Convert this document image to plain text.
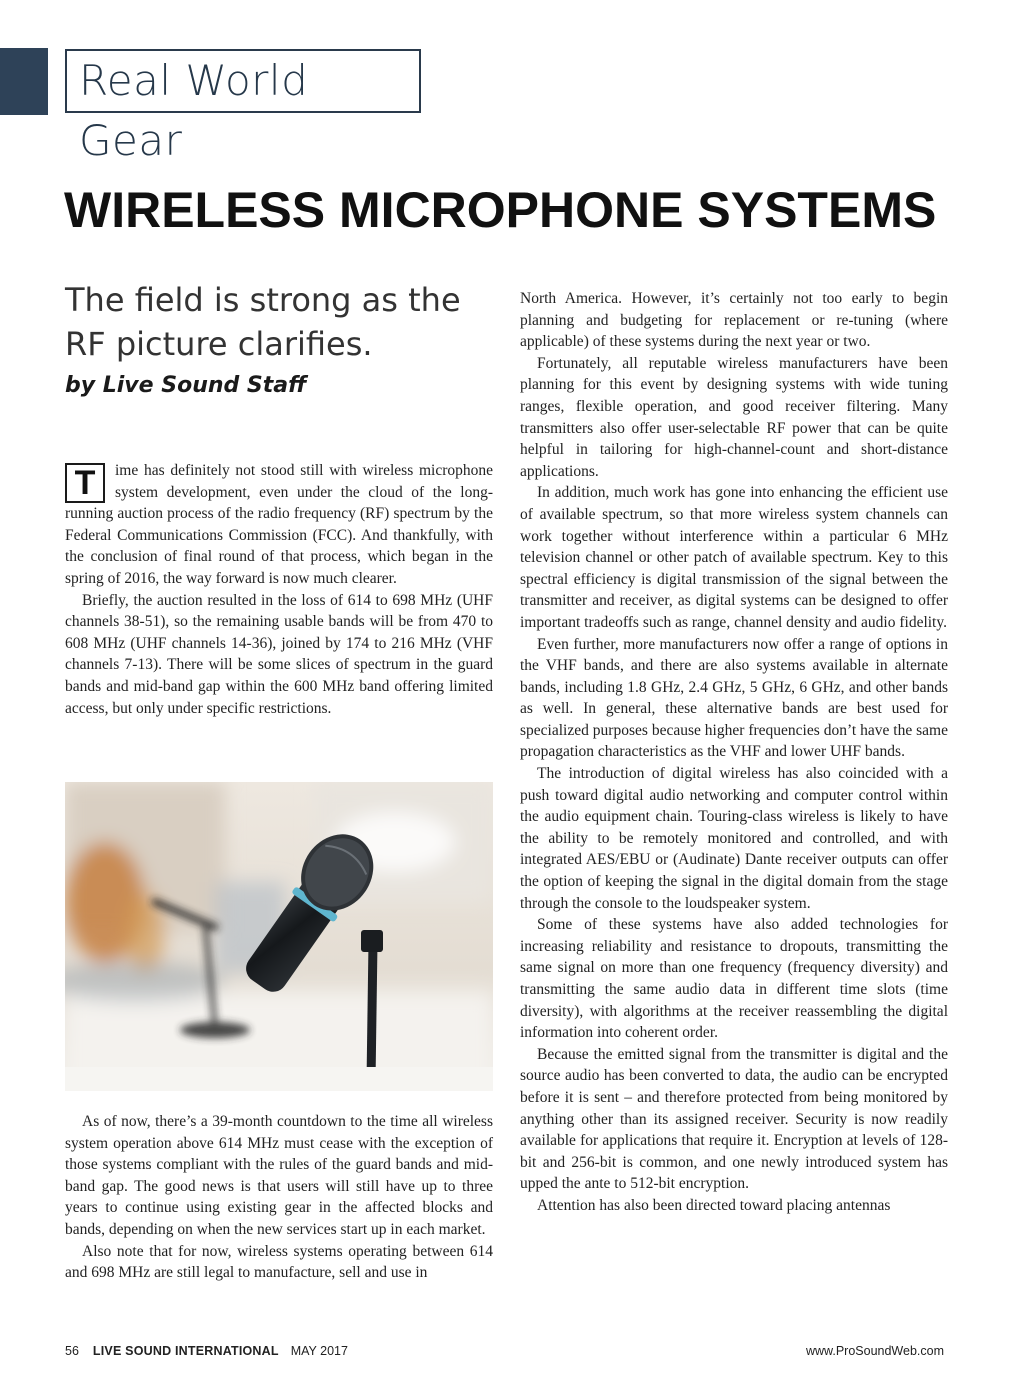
Real World Gear
WIRELESS MICROPHONE SYSTEMS
The field is strong as the RF picture clarifies.
by Live Sound Staff

T	ime has definitely not stood still with wireless microphone system development, even under the cloud of the long-running auction process of the radio frequency (RF) spectrum by the Federal Communications Commission (FCC). And thankfully, with the conclusion of final round of that process, which began in the spring of 2016, the way forward is now much clearer.

Briefly, the auction resulted in the loss of 614 to 698 MHz (UHF channels 38-51), so the remaining usable bands will be from 470 to 608 MHz (UHF channels 14-36), joined by 174 to 216 MHz (VHF channels 7-13). There will be some slices of spectrum in the guard bands and mid-band gap within the 600 MHz band offering limited access, but only under specific restrictions.

As of now, there’s a 39-month countdown to the time all wireless system operation above 614 MHz must cease with the exception of those systems compliant with the rules of the guard bands and mid-band gap. The good news is that users will still have up to three years to continue using existing gear in the affected blocks and bands, depending on when the new services start up in each market.

Also note that for now, wireless systems operating between 614 and 698 MHz are still legal to manufacture, sell and use in

North America. However, it’s certainly not too early to begin planning and budgeting for replacement or re-tuning (where applicable) of these systems during the next year or two.

Fortunately, all reputable wireless manufacturers have been planning for this event by designing systems with wide tuning ranges, flexible operation, and good receiver filtering. Many transmitters also offer user-selectable RF power that can be quite helpful in tailoring for high-channel-count and short-distance applications.

In addition, much work has gone into enhancing the efficient use of available spectrum, so that more wireless system channels can work together without interference within a particular 6 MHz television channel or other patch of available spectrum. Key to this spectral efficiency is digital transmission of the signal between the transmitter and receiver, as digital systems can be designed to offer important tradeoffs such as range, channel density and audio fidelity.

Even further, more manufacturers now offer a range of options in the VHF bands, and there are also systems available in alternate bands, including 1.8 GHz, 2.4 GHz, 5 GHz, 6 GHz, and other bands as well. In general, these alternative bands are best used for specialized purposes because higher frequencies don’t have the same propagation characteristics as the VHF and lower UHF bands.

The introduction of digital wireless has also coincided with a push toward digital audio networking and computer control within the audio equipment chain. Touring-class wireless is likely to have the ability to be remotely monitored and controlled, and with integrated AES/EBU or (Audinate) Dante receiver outputs can offer the option of keeping the signal in the digital domain from the stage through the console to the loudspeaker system.

Some of these systems have also added technologies for increasing reliability and resistance to dropouts, transmitting the same signal on more than one frequency (frequency diversity) and transmitting the same audio data in different time slots (time diversity), with algorithms at the receiver reassembling the digital information into coherent order.

Because the emitted signal from the transmitter is digital and the source audio has been converted to data, the audio can be encrypted before it is sent – and therefore protected from being monitored by anything other than its assigned receiver. Security is now readily available for applications that require it. Encryption at levels of 128-bit and 256-bit is common, and one newly introduced system has upped the ante to 512-bit encryption.

Attention has also been directed toward placing antennas

56 LIVE SOUND INTERNATIONAL MAY 2017	www.ProSoundWeb.com
